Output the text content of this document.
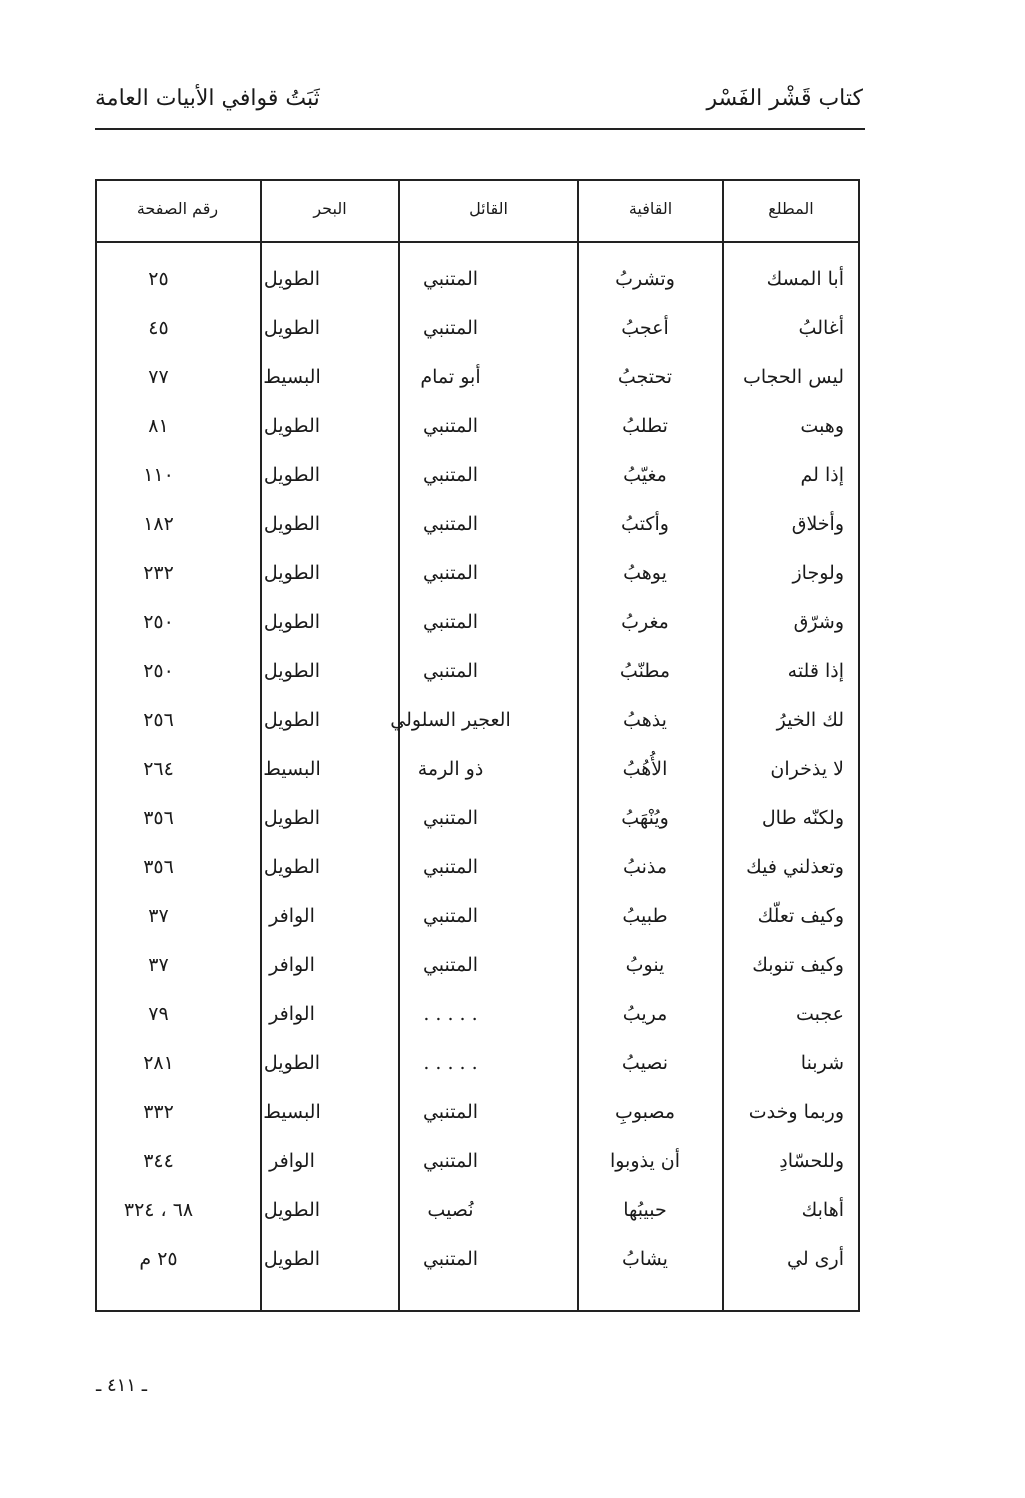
كتاب قَشْر الفَسْر
ثَبَتُ قوافي الأبيات العامة
المطلع
القافية
القائل
البحر
رقم الصفحة
أبا المسك
وتشربُ
المتنبي
الطويل
٢٥
أغالبُ
أعجبُ
المتنبي
الطويل
٤٥
ليس الحجاب
تحتجبُ
أبو تمام
البسيط
٧٧
وهبت
تطلبُ
المتنبي
الطويل
٨١
إذا لم
مغيّبُ
المتنبي
الطويل
١١٠
وأخلاق
وأكتبُ
المتنبي
الطويل
١٨٢
ولوجاز
يوهبُ
المتنبي
الطويل
٢٣٢
وشرّق
مغربُ
المتنبي
الطويل
٢٥٠
إذا قلته
مطنّبُ
المتنبي
الطويل
٢٥٠
لك الخيرُ
يذهبُ
العجير السلولي
الطويل
٢٥٦
لا يذخران
الأُهُبُ
ذو الرمة
البسيط
٢٦٤
ولكنّه طال
ويُنْهَبُ
المتنبي
الطويل
٣٥٦
وتعذلني فيك
مذنبُ
المتنبي
الطويل
٣٥٦
وكيف تعلّك
طبيبُ
المتنبي
الوافر
٣٧
وكيف تنوبك
ينوبُ
المتنبي
الوافر
٣٧
عجبت
مريبُ
. . . . .
الوافر
٧٩
شربنا
نصيبُ
. . . . .
الطويل
٢٨١
وربما وخدت
مصبوبِ
المتنبي
البسيط
٣٣٢
وللحسّادِ
أن يذوبوا
المتنبي
الوافر
٣٤٤
أهابك
حبيبُها
نُصيب
الطويل
٦٨ ، ٣٢٤
أرى لي
يشابُ
المتنبي
الطويل
٢٥ م
ـ ٤١١ ـ
